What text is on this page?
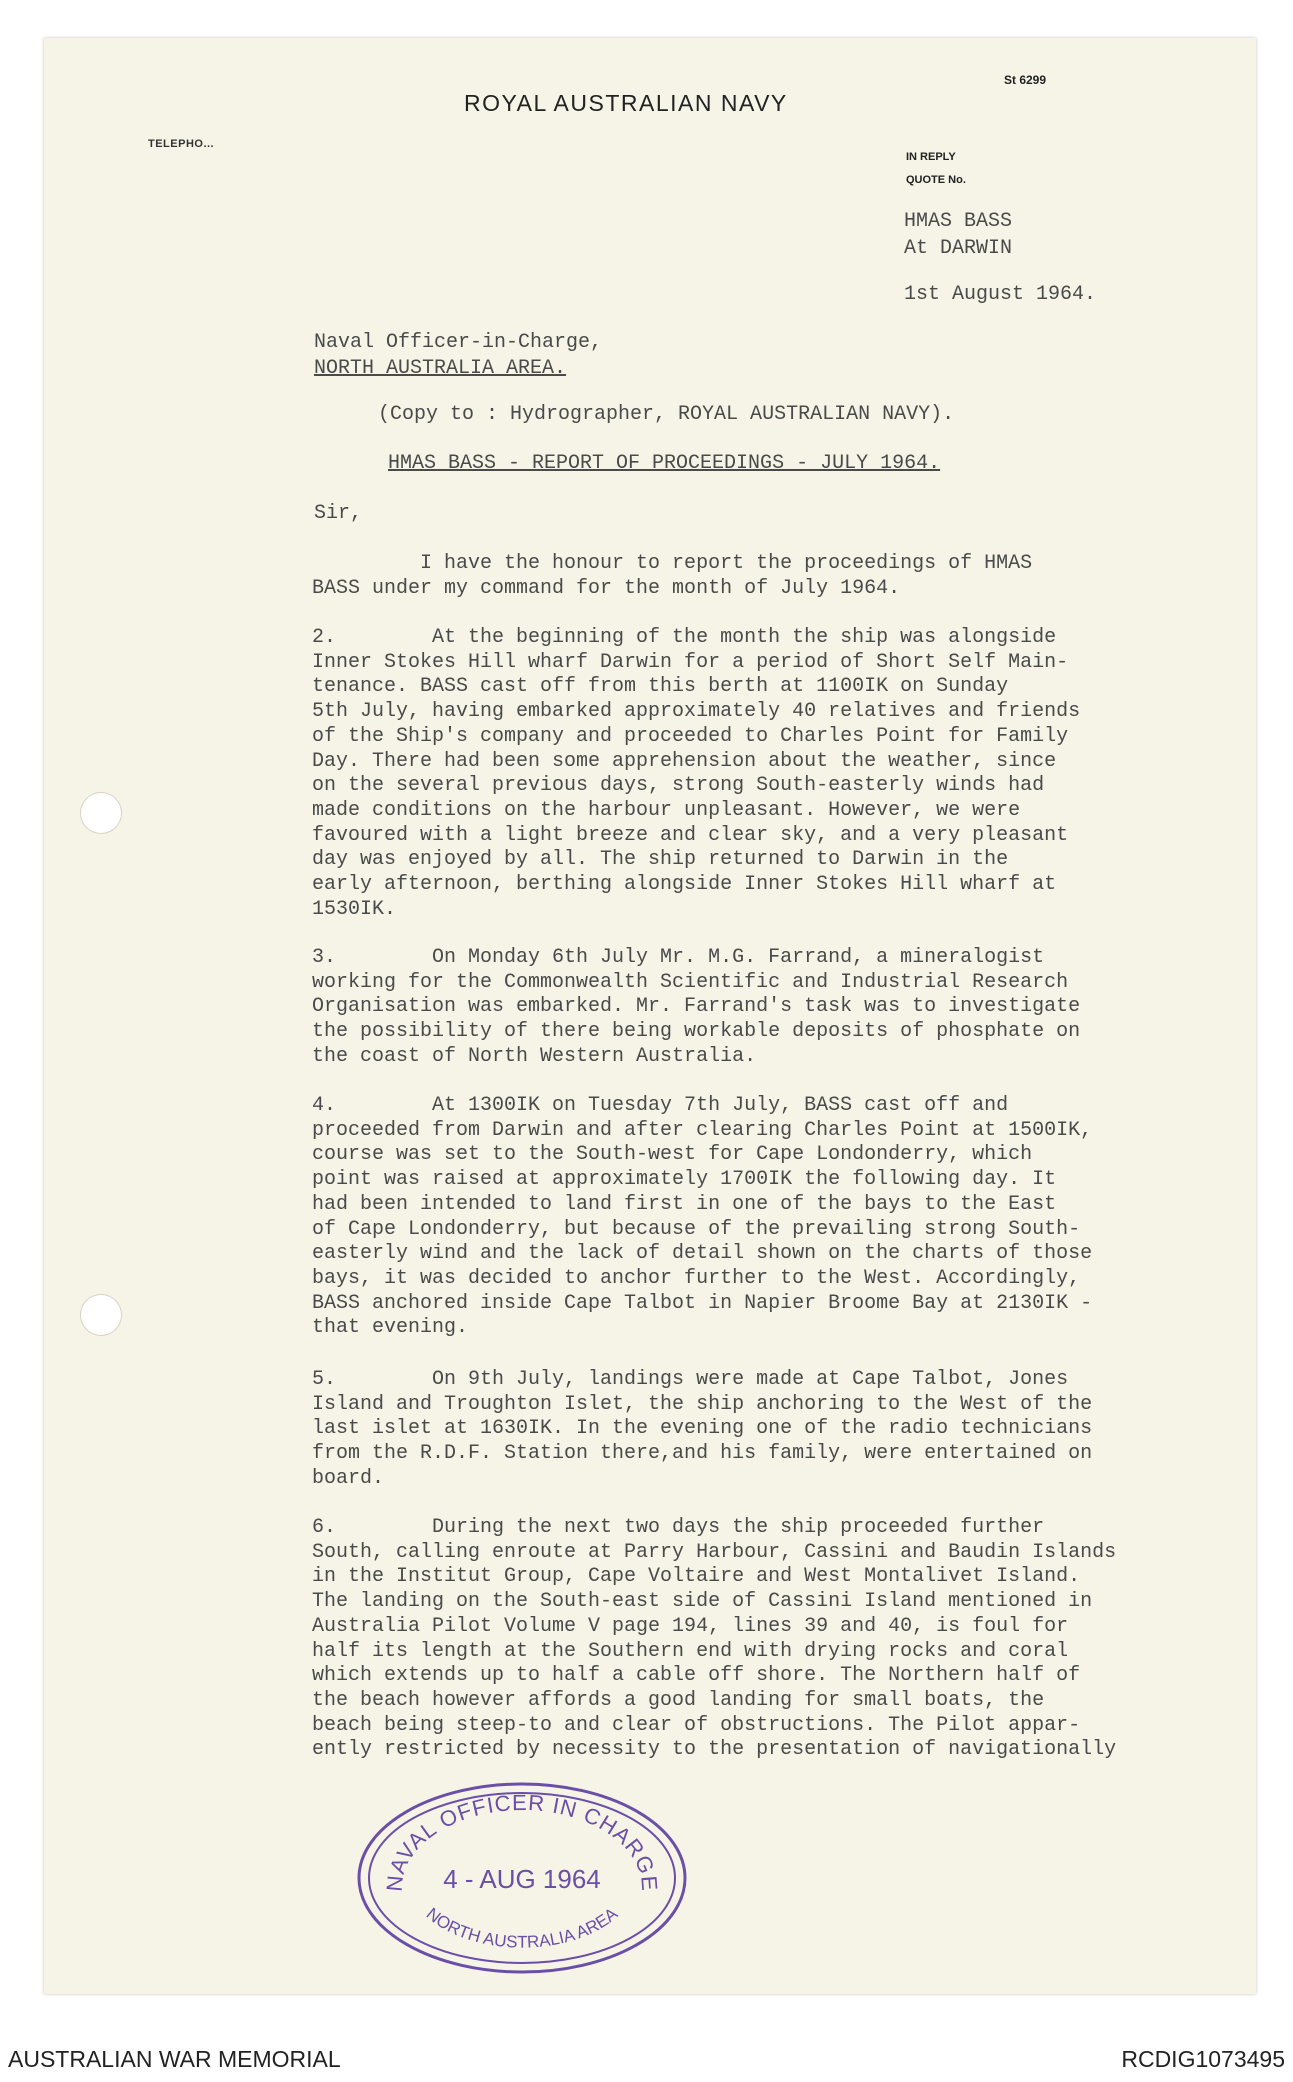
ROYAL AUSTRALIAN NAVY
St 6299
TELEPHO...
IN REPLY
QUOTE No.
HMAS BASS
At DARWIN
1st August 1964.
Naval Officer-in-Charge,
NORTH AUSTRALIA AREA.
(Copy to : Hydrographer, ROYAL AUSTRALIAN NAVY).
HMAS BASS - REPORT OF PROCEEDINGS - JULY 1964.
Sir,
I have the honour to report the proceedings of HMAS
BASS under my command for the month of July 1964.
2.        At the beginning of the month the ship was alongside
Inner Stokes Hill wharf Darwin for a period of Short Self Main-
tenance. BASS cast off from this berth at 1100IK on Sunday
5th July, having embarked approximately 40 relatives and friends
of the Ship's company and proceeded to Charles Point for Family
Day. There had been some apprehension about the weather, since
on the several previous days, strong South-easterly winds had
made conditions on the harbour unpleasant. However, we were
favoured with a light breeze and clear sky, and a very pleasant
day was enjoyed by all. The ship returned to Darwin in the
early afternoon, berthing alongside Inner Stokes Hill wharf at
1530IK.
3.        On Monday 6th July Mr. M.G. Farrand, a mineralogist
working for the Commonwealth Scientific and Industrial Research
Organisation was embarked. Mr. Farrand's task was to investigate
the possibility of there being workable deposits of phosphate on
the coast of North Western Australia.
4.        At 1300IK on Tuesday 7th July, BASS cast off and
proceeded from Darwin and after clearing Charles Point at 1500IK,
course was set to the South-west for Cape Londonderry, which
point was raised at approximately 1700IK the following day. It
had been intended to land first in one of the bays to the East
of Cape Londonderry, but because of the prevailing strong South-
easterly wind and the lack of detail shown on the charts of those
bays, it was decided to anchor further to the West. Accordingly,
BASS anchored inside Cape Talbot in Napier Broome Bay at 2130IK -
that evening.
5.        On 9th July, landings were made at Cape Talbot, Jones
Island and Troughton Islet, the ship anchoring to the West of the
last islet at 1630IK. In the evening one of the radio technicians
from the R.D.F. Station there,and his family, were entertained on
board.
6.        During the next two days the ship proceeded further
South, calling enroute at Parry Harbour, Cassini and Baudin Islands
in the Institut Group, Cape Voltaire and West Montalivet Island.
The landing on the South-east side of Cassini Island mentioned in
Australia Pilot Volume V page 194, lines 39 and 40, is foul for
half its length at the Southern end with drying rocks and coral
which extends up to half a cable off shore. The Northern half of
the beach however affords a good landing for small boats, the
beach being steep-to and clear of obstructions. The Pilot appar-
ently restricted by necessity to the presentation of navigationally
NAVAL OFFICER IN CHARGE
4 - AUG 1964
NORTH AUSTRALIA AREA
AUSTRALIAN WAR MEMORIAL	RCDIG1073495
